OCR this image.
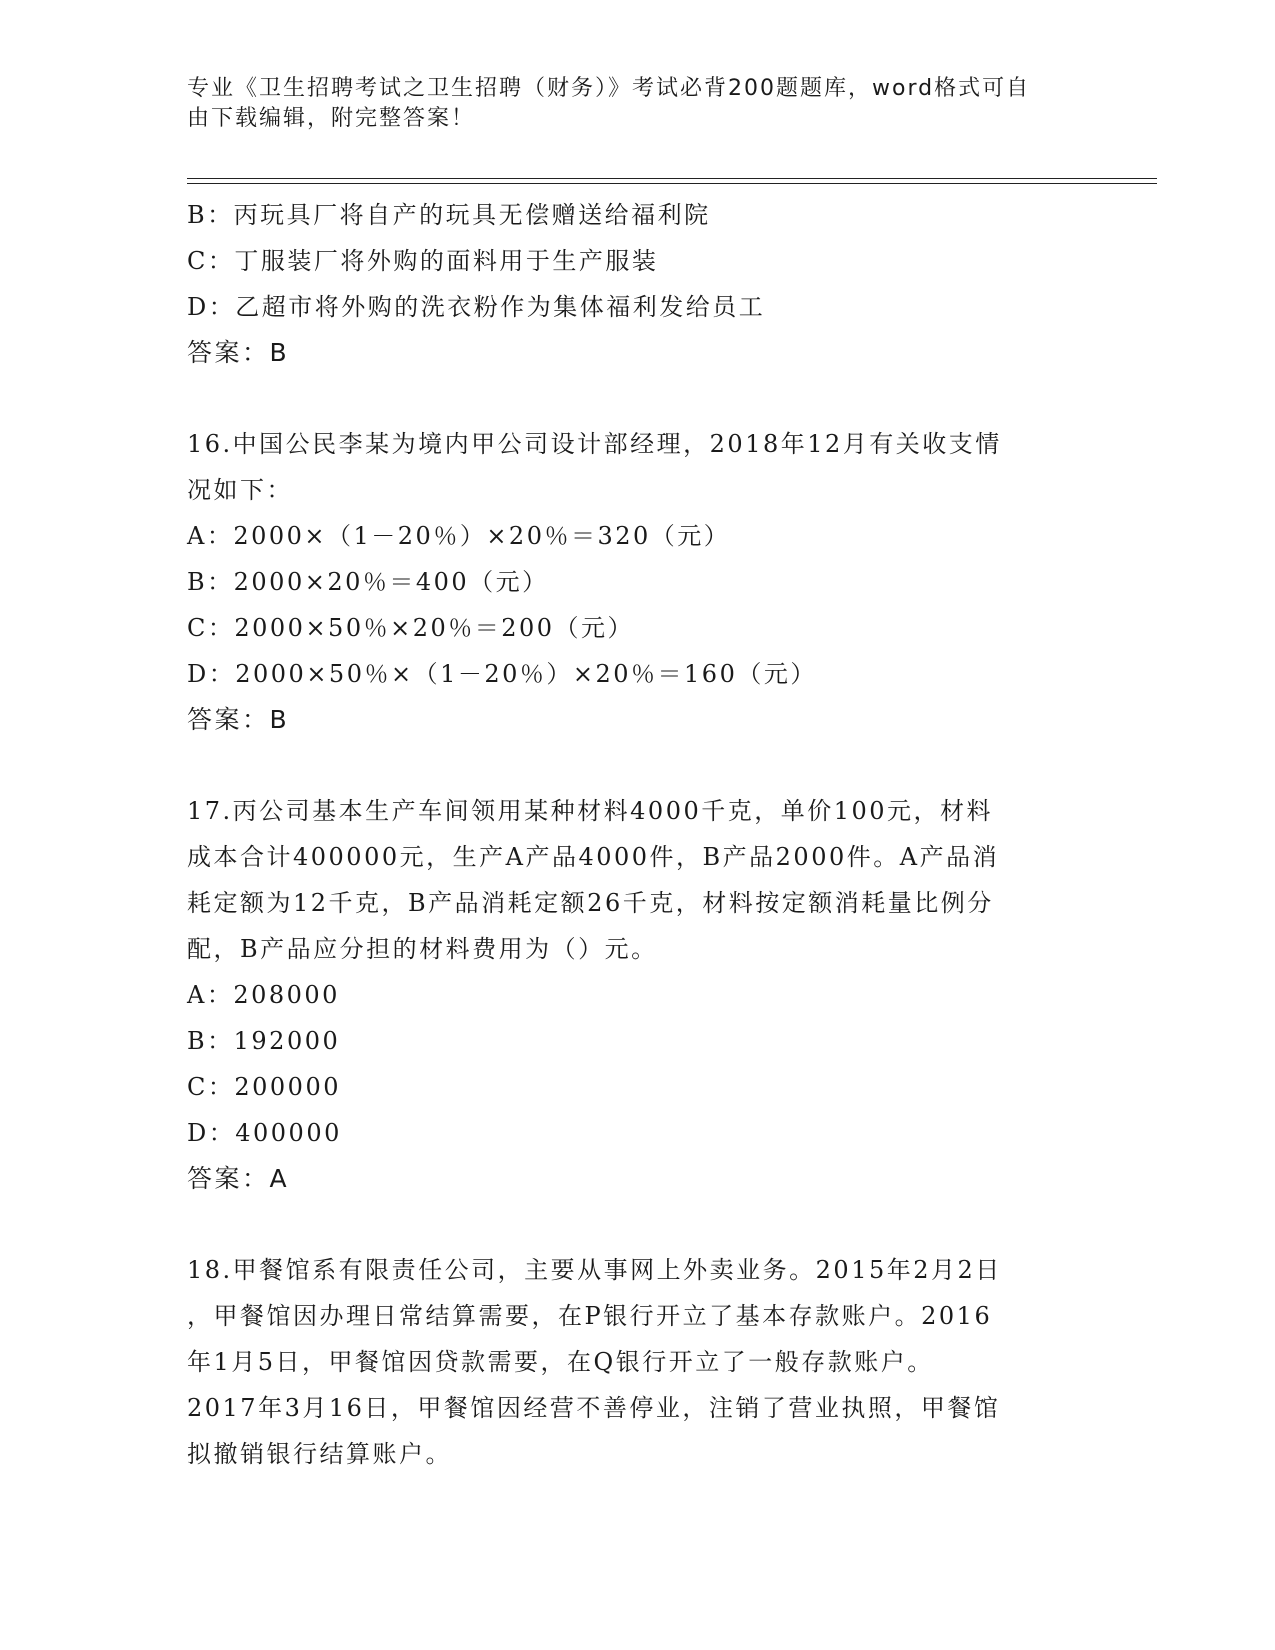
专业《卫生招聘考试之卫生招聘（财务）》考试必背200题题库，word格式可自
由下载编辑，附完整答案！
B：丙玩具厂将自产的玩具无偿赠送给福利院
C：丁服装厂将外购的面料用于生产服装
D：乙超市将外购的洗衣粉作为集体福利发给员工
答案：B
16.中国公民李某为境内甲公司设计部经理，2018年12月有关收支情
况如下：
A：2000×（1－20％）×20％＝320（元）
B：2000×20％＝400（元）
C：2000×50％×20％＝200（元）
D：2000×50％×（1－20％）×20％＝160（元）
答案：B
17.丙公司基本生产车间领用某种材料4000千克，单价100元，材料
成本合计400000元，生产A产品4000件，B产品2000件。A产品消
耗定额为12千克，B产品消耗定额26千克，材料按定额消耗量比例分
配，B产品应分担的材料费用为（）元。
A：208000
B：192000
C：200000
D：400000
答案：A
18.甲餐馆系有限责任公司，主要从事网上外卖业务。2015年2月2日
，甲餐馆因办理日常结算需要，在P银行开立了基本存款账户。2016
年1月5日，甲餐馆因贷款需要，在Q银行开立了一般存款账户。
2017年3月16日，甲餐馆因经营不善停业，注销了营业执照，甲餐馆
拟撤销银行结算账户。
